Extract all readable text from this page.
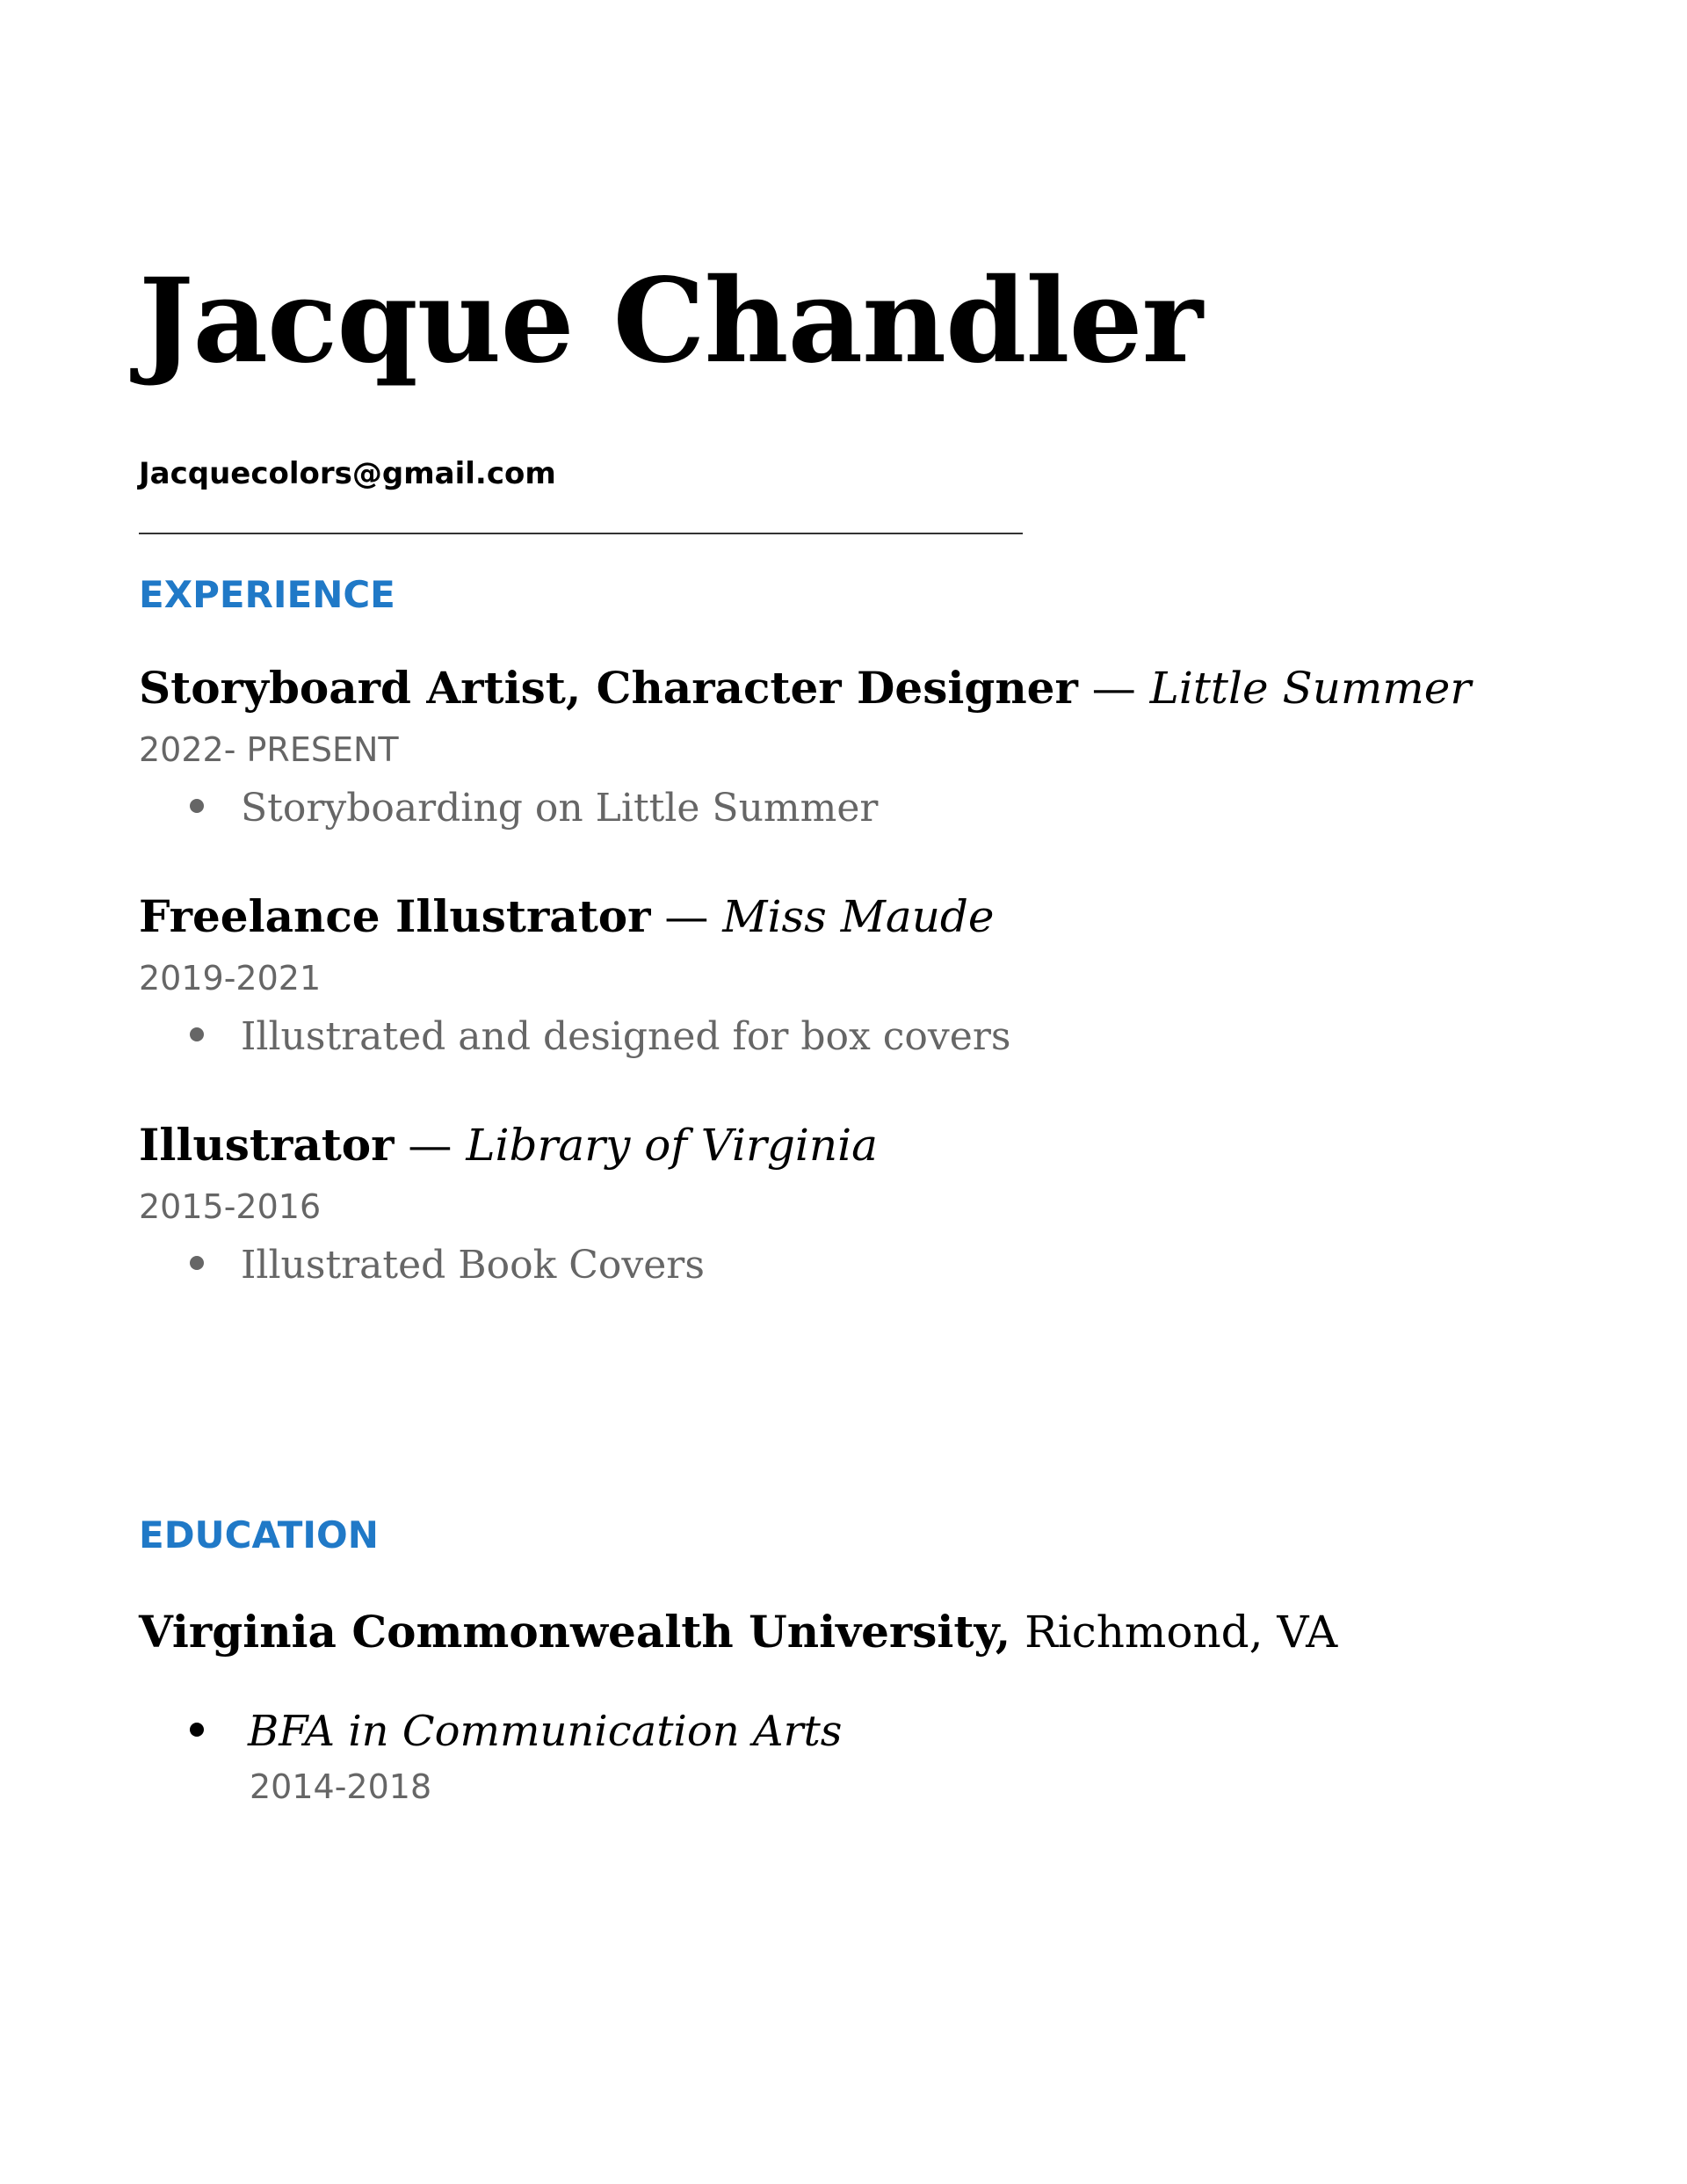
Jacque Chandler
Jacquecolors@gmail.com
EXPERIENCE
Storyboard Artist, Character Designer — Little Summer
2022- PRESENT
Storyboarding on Little Summer
Freelance Illustrator — Miss Maude
2019-2021
Illustrated and designed for box covers
Illustrator — Library of Virginia
2015-2016
Illustrated Book Covers
EDUCATION
Virginia Commonwealth University, Richmond, VA
BFA in Communication Arts
2014-2018
